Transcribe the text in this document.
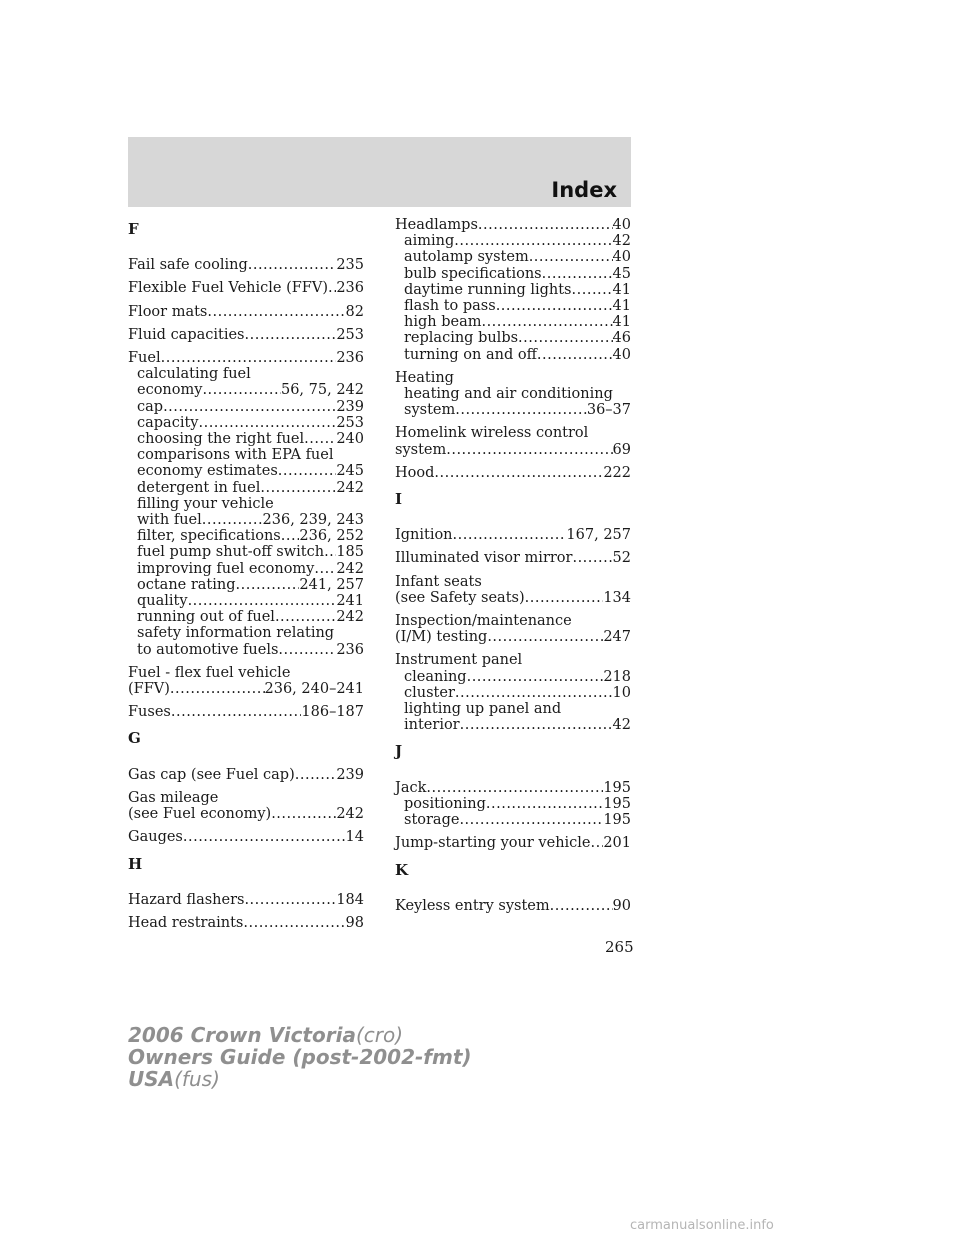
Index
F
Fail safe cooling .....	235
Flexible Fuel Vehicle (FFV) ..... 236
Floor mats .....	82
Fluid capacities .....	253
Fuel .....	236
calculating fuel
economy .....	56, 75, 242
cap .....	239
capacity .....	253
choosing the right fuel ..... 240
comparisons with EPA fuel
economy estimates .....	245
detergent in fuel .....	242
filling your vehicle
with fuel .....	236, 239, 243
filter, specifications ..... 236, 252
fuel pump shut-off switch ..... 185
improving fuel economy ..... 242
octane rating .....	241, 257
quality .....	241
running out of fuel .....	242
safety information relating
to automotive fuels .....	236
Fuel - flex fuel vehicle
(FFV) .....	236, 240–241
Fuses .....	186–187
G
Gas cap (see Fuel cap) .....	239
Gas mileage
(see Fuel economy) .....	242
Gauges .....	14
H
Hazard flashers .....	184
Head restraints .....	98
Headlamps .....	40
aiming .....	42
autolamp system .....	40
bulb specifications .....	45
daytime running lights .....	41
flash to pass .....	41
high beam .....	41
replacing bulbs .....	46
turning on and off .....	40
Heating
heating and air conditioning
system .....	36–37
Homelink wireless control
system .....	69
Hood .....	222
I
Ignition .....	167, 257
Illuminated visor mirror .....	52
Infant seats
(see Safety seats) .....	134
Inspection/maintenance
(I/M) testing .....	247
Instrument panel
cleaning .....	218
cluster .....	10
lighting up panel and
interior .....	42
J
Jack .....	195
positioning .....	195
storage .....	195
Jump-starting your vehicle ..... 201
K
Keyless entry system .....	90
265
2006 Crown Victoria(cro)
Owners Guide (post-2002-fmt)
USA(fus)
carmanualsonline.info
